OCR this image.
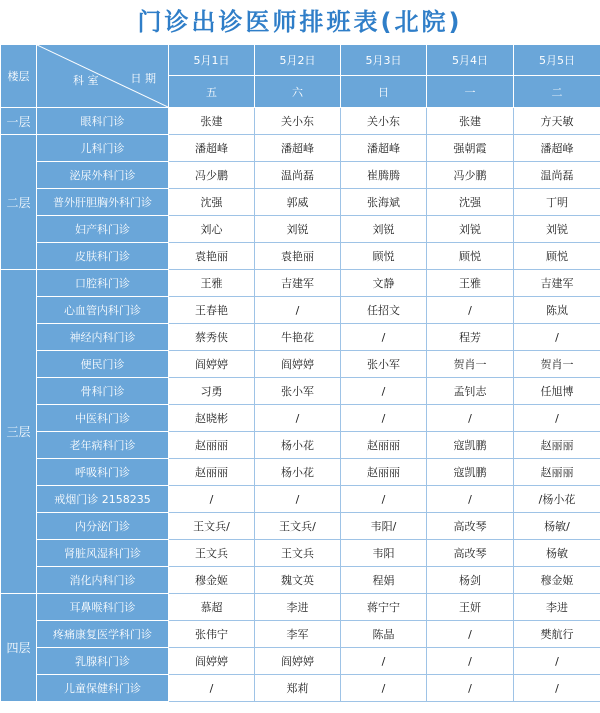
门诊出诊医师排班表(北院)
楼层	科 室 日 期	5月1日	5月2日	5月3日	5月4日	5月5日
		五	六	日	一	二
一层	眼科门诊	张建	关小东	关小东	张建	方天敏
二层	儿科门诊	潘超峰	潘超峰	潘超峰	强朝霞	潘超峰
	泌尿外科门诊	冯少鹏	温尚磊	崔腾腾	冯少鹏	温尚磊
	普外肝胆胸外科门诊	沈强	郭威	张海斌	沈强	丁明
	妇产科门诊	刘心	刘锐	刘锐	刘锐	刘锐
	皮肤科门诊	袁艳丽	袁艳丽	顾悦	顾悦	顾悦
三层	口腔科门诊	王雅	吉建军	文静	王雅	吉建军
	心血管内科门诊	王春艳	/	任招文	/	陈岚
	神经内科门诊	蔡秀侠	牛艳花	/	程芳	/
	便民门诊	阎婷婷	阎婷婷	张小军	贺肖一	贺肖一
	骨科门诊	习勇	张小军	/	孟钊志	任旭博
	中医科门诊	赵晓彬	/	/	/	/
	老年病科门诊	赵丽丽	杨小花	赵丽丽	寇凯鹏	赵丽丽
	呼吸科门诊	赵丽丽	杨小花	赵丽丽	寇凯鹏	赵丽丽
	戒烟门诊 2158235	/	/	/	/	/杨小花
	内分泌门诊	王文兵/	王文兵/	韦阳/	高改琴	杨敏/
	肾脏风湿科门诊	王文兵	王文兵	韦阳	高改琴	杨敏
	消化内科门诊	穆金姬	魏文英	程娟	杨剑	穆金姬
四层	耳鼻喉科门诊	慕超	李进	蒋宁宁	王妍	李进
	疼痛康复医学科门诊	张伟宁	李军	陈晶	/	樊航行
	乳腺科门诊	阎婷婷	阎婷婷	/	/	/
	儿童保健科门诊	/	郑莉	/	/	/
